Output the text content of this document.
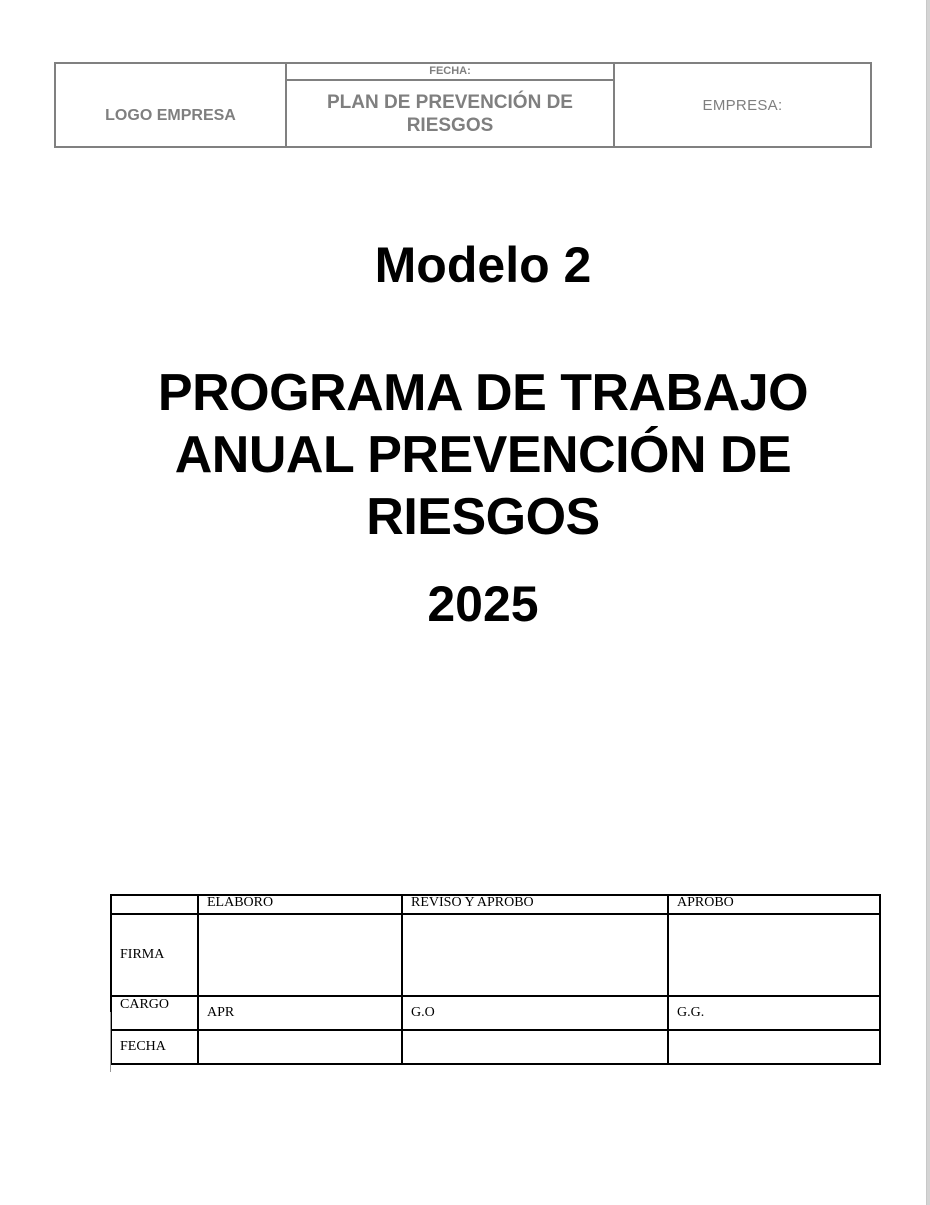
LOGO EMPRESA
FECHA:
PLAN DE PREVENCIÓN DE RIESGOS
EMPRESA:
Modelo 2
PROGRAMA DE TRABAJO
ANUAL PREVENCIÓN DE
RIESGOS
2025
	ELABORO	REVISO Y APROBO	APROBO
FIRMA			
CARGO	APR	G.O	G.G.
FECHA			
